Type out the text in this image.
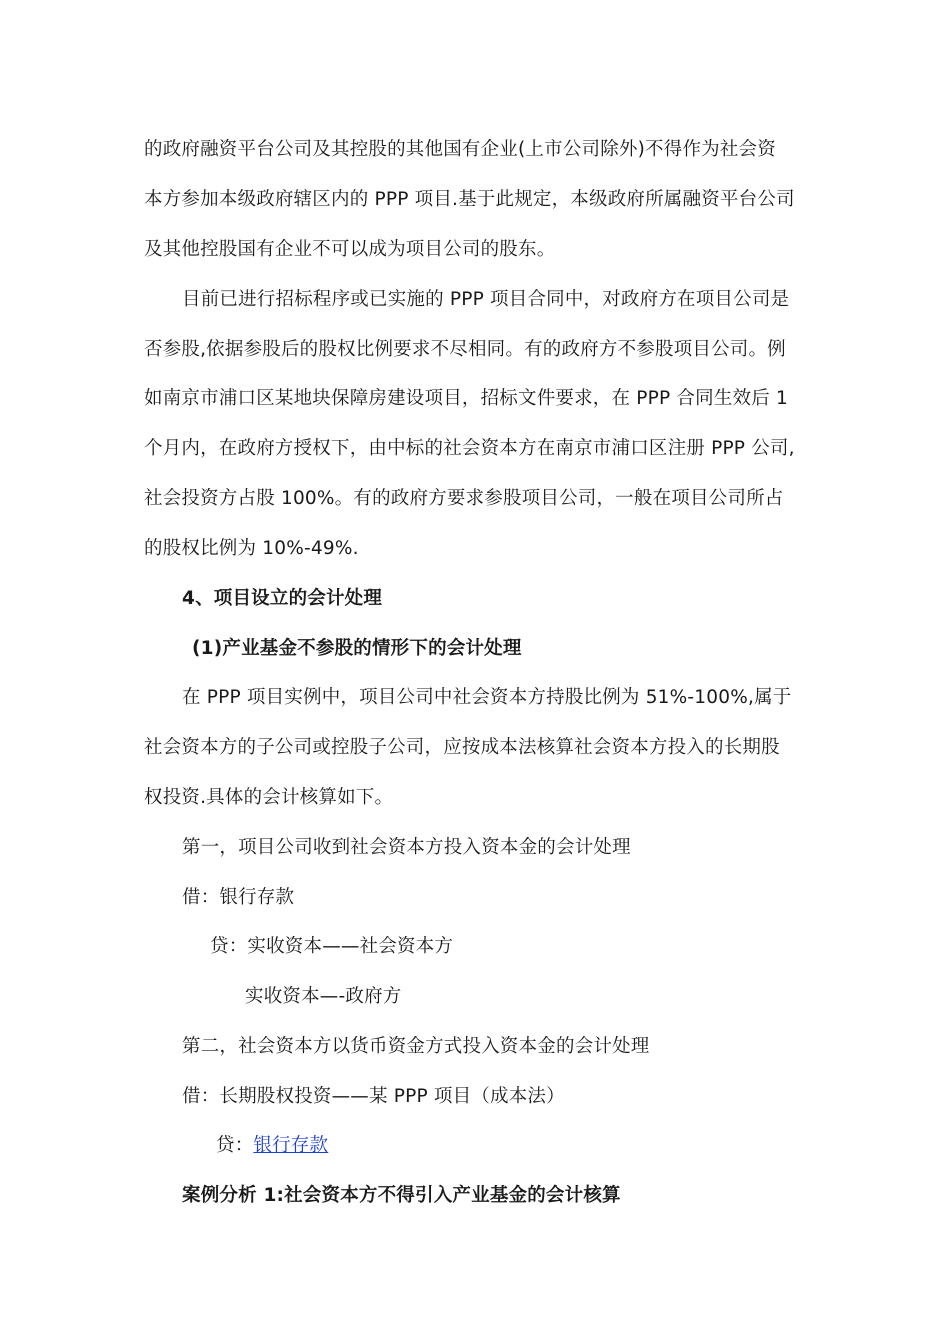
的政府融资平台公司及其控股的其他国有企业(上市公司除外)不得作为社会资
本方参加本级政府辖区内的 PPP 项目.基于此规定，本级政府所属融资平台公司
及其他控股国有企业不可以成为项目公司的股东。
目前已进行招标程序或已实施的 PPP 项目合同中，对政府方在项目公司是
否参股,依据参股后的股权比例要求不尽相同。有的政府方不参股项目公司。例
如南京市浦口区某地块保障房建设项目，招标文件要求，在 PPP 合同生效后 1
个月内，在政府方授权下，由中标的社会资本方在南京市浦口区注册 PPP 公司,
社会投资方占股 100%。有的政府方要求参股项目公司，一般在项目公司所占
的股权比例为 10%-49%.
4、项目设立的会计处理
(1)产业基金不参股的情形下的会计处理
在 PPP 项目实例中，项目公司中社会资本方持股比例为 51%-100%,属于
社会资本方的子公司或控股子公司，应按成本法核算社会资本方投入的长期股
权投资.具体的会计核算如下。
第一，项目公司收到社会资本方投入资本金的会计处理
借：银行存款
贷：实收资本——社会资本方
实收资本—-政府方
第二，社会资本方以货币资金方式投入资本金的会计处理
借：长期股权投资——某 PPP 项目（成本法）
贷：银行存款
案例分析 1:社会资本方不得引入产业基金的会计核算
